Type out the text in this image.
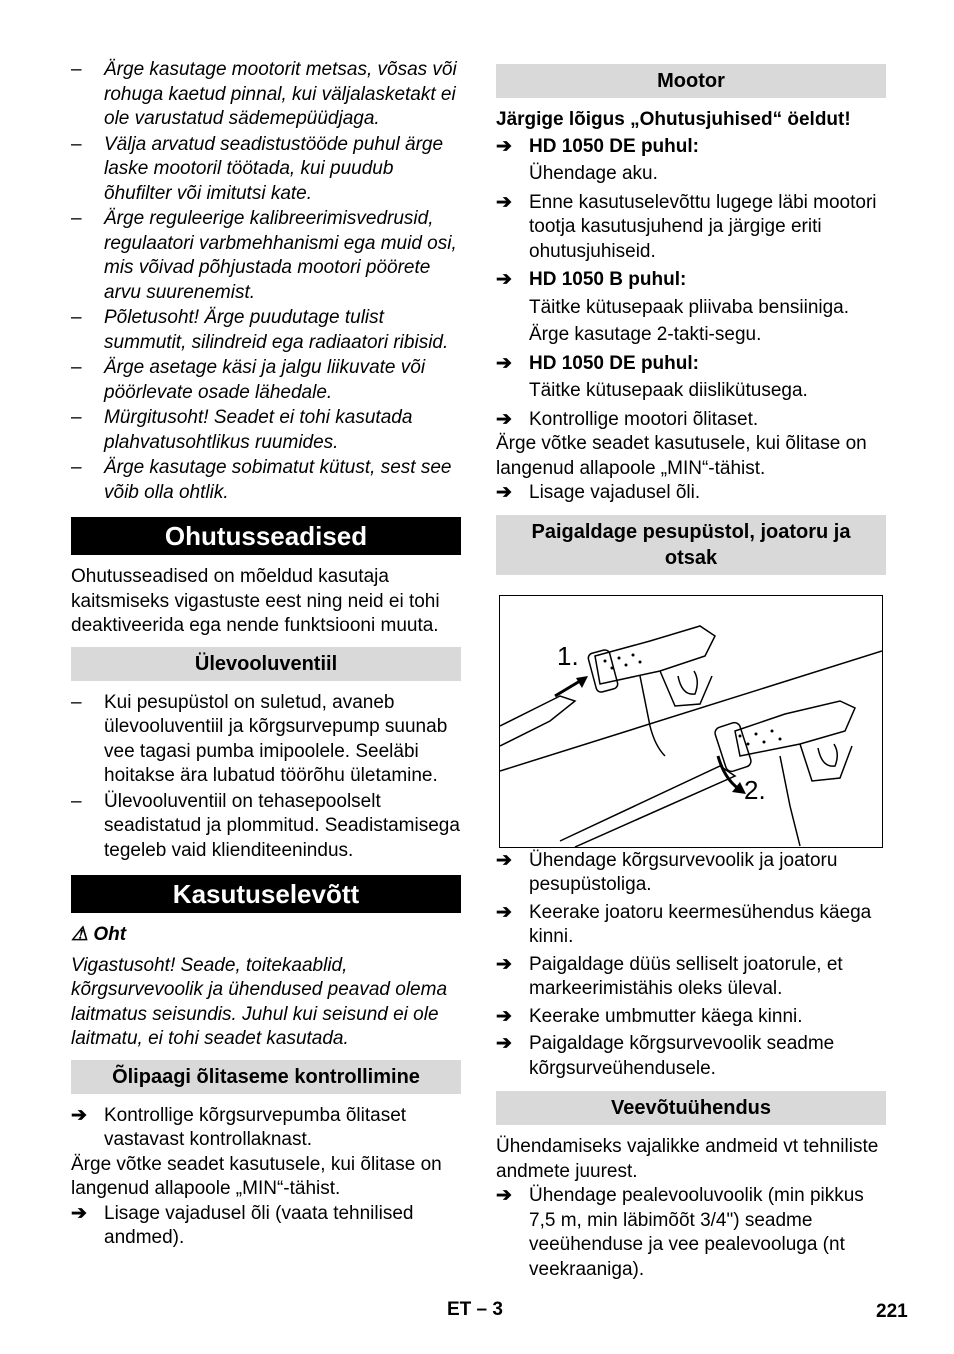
– Ärge kasutage mootorit metsas, võsas või rohuga kaetud pinnal, kui väljalasketakt ei ole varustatud sädemepüüdjaga.

– Välja arvatud seadistustööde puhul ärge laske mootoril töötada, kui puudub õhufilter või imitutsi kate.

– Ärge reguleerige kalibreerimisvedrusid, regulaatori varbmehhanismi ega muid osi, mis võivad põhjustada mootori pöörete arvu suurenemist.

– Põletusoht! Ärge puudutage tulist summutit, silindreid ega radiaatori ribisid.

– Ärge asetage käsi ja jalgu liikuvate või pöörlevate osade lähedale.

– Mürgitusoht! Seadet ei tohi kasutada plahvatusohtlikus ruumides.

– Ärge kasutage sobimatut kütust, sest see võib olla ohtlik.

Ohutusseadised

Ohutusseadised on mõeldud kasutaja kaitsmiseks vigastuste eest ning neid ei tohi deaktiveerida ega nende funktsiooni muuta.

Ülevooluventiil

– Kui pesupüstol on suletud, avaneb ülevooluventiil ja kõrgsurvepump suunab vee tagasi pumba imipoolele. Seeläbi hoitakse ära lubatud töörõhu ületamine.

– Ülevooluventiil on tehasepoolselt seadistatud ja plommitud. Seadistamisega tegeleb vaid klienditeenindus.

Kasutuselevõtt

⚠ Oht

Vigastusoht! Seade, toitekaablid, kõrgsurvevoolik ja ühendused peavad olema laitmatus seisundis. Juhul kui seisund ei ole laitmatu, ei tohi seadet kasutada.

Õlipaagi õlitaseme kontrollimine

➔ Kontrollige kõrgsurvepumba õlitaset vastavast kontrollaknast.

Ärge võtke seadet kasutusele, kui õlitase on langenud allapoole „MIN“-tähist.

➔ Lisage vajadusel õli (vaata tehnilised andmed).

Mootor

Järgige lõigus „Ohutusjuhised“ öeldut!

➔ HD 1050 DE puhul:

Ühendage aku.

➔ Enne kasutuselevõttu lugege läbi mootori tootja kasutusjuhend ja järgige eriti ohutusjuhiseid.

➔ HD 1050 B puhul:

Täitke kütusepaak pliivaba bensiiniga.

Ärge kasutage 2-takti-segu.

➔ HD 1050 DE puhul:

Täitke kütusepaak diislikütusega.

➔ Kontrollige mootori õlitaset.

Ärge võtke seadet kasutusele, kui õlitase on langenud allapoole „MIN“-tähist.

➔ Lisage vajadusel õli.

Paigaldage pesupüstol, joatoru ja otsak
1.
2.

➔ Ühendage kõrgsurvevoolik ja joatoru pesupüstoliga.

➔ Keerake joatoru keermesühendus käega kinni.

➔ Paigaldage düüs selliselt joatorule, et markeerimistähis oleks üleval.

➔ Keerake umbmutter käega kinni.

➔ Paigaldage kõrgsurvevoolik seadme kõrgsurveühendusele.

Veevõtuühendus

Ühendamiseks vajalikke andmeid vt tehniliste andmete juurest.

➔ Ühendage pealevooluvoolik (min pikkus 7,5 m, min läbimõõt 3/4") seadme veeühenduse ja vee pealevooluga (nt veekraaniga).

ET – 3	221
